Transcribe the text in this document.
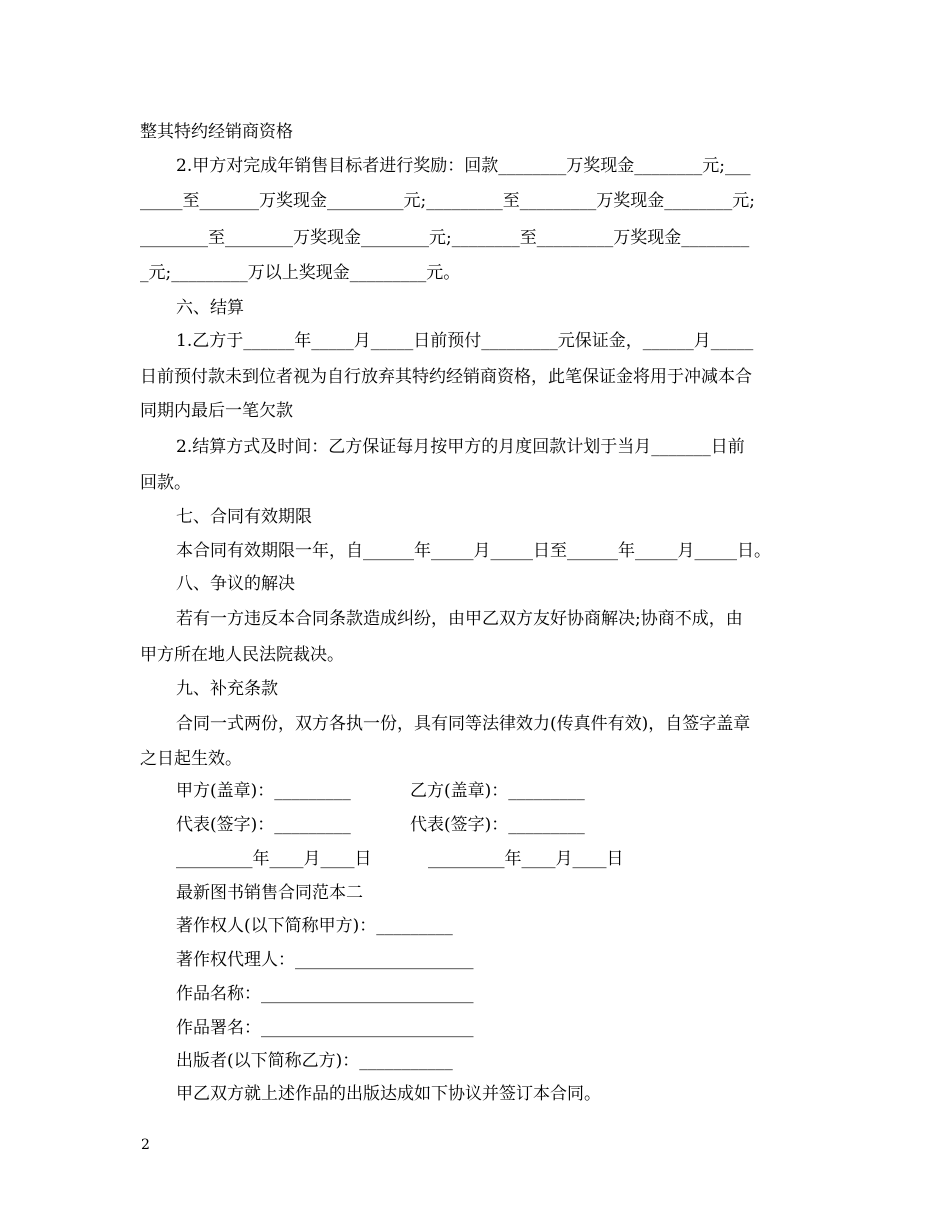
整其特约经销商资格
2.甲方对完成年销售目标者进行奖励：回款________万奖现金________元;___
_____至_______万奖现金_________元;_________至_________万奖现金________元;
________至________万奖现金________元;________至_________万奖现金________
_元;_________万以上奖现金_________元。
六、结算
1.乙方于______年_____月_____日前预付_________元保证金，______月_____
日前预付款未到位者视为自行放弃其特约经销商资格，此笔保证金将用于冲减本合
同期内最后一笔欠款
2.结算方式及时间：乙方保证每月按甲方的月度回款计划于当月_______日前
回款。
七、合同有效期限
本合同有效期限一年，自______年_____月_____日至______年_____月_____日。
八、争议的解决
若有一方违反本合同条款造成纠纷，由甲乙双方友好协商解决;协商不成，由
甲方所在地人民法院裁决。
九、补充条款
合同一式两份，双方各执一份，具有同等法律效力(传真件有效)，自签字盖章
之日起生效。
甲方(盖章)：_________	乙方(盖章)：_________
代表(签字)：_________	代表(签字)：_________
_________年____月____日	_________年____月____日
最新图书销售合同范本二
著作权人(以下简称甲方)：_________
著作权代理人：_____________________
作品名称：_________________________
作品署名：_________________________
出版者(以下简称乙方)：___________
甲乙双方就上述作品的出版达成如下协议并签订本合同。
2
